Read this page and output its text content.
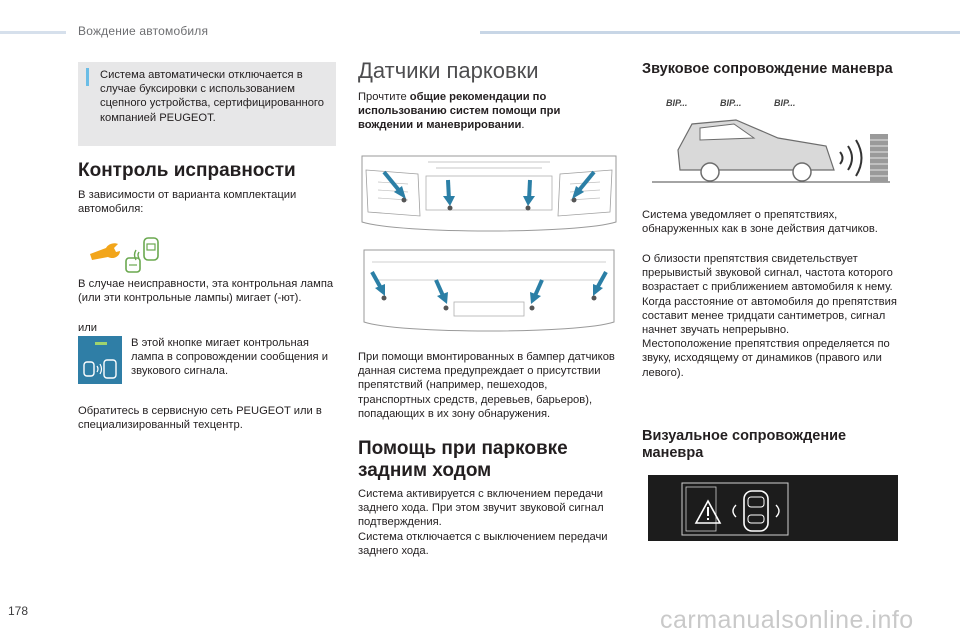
Вождение автомобиля
Система автоматически отключается в случае буксировки с использованием сцепного устройства, сертифицированного компанией PEUGEOT.
Контроль исправности
В зависимости от варианта комплектации автомобиля:
В случае неисправности, эта контрольная лампа (или эти контрольные лампы) мигает (-ют).
или
В этой кнопке мигает контрольная лампа в сопровождении сообщения и звукового сигнала.
Обратитесь в сервисную сеть PEUGEOT или в специализированный техцентр.
Датчики парковки
Прочтите общие рекомендации по использованию систем помощи при вождении и маневрировании.
При помощи вмонтированных в бампер датчиков данная система предупреждает о присутствии препятствий (например, пешеходов, транспортных средств, деревьев, барьеров), попадающих в их зону обнаружения.
Помощь при парковке задним ходом
Система активируется с включением передачи заднего хода. При этом звучит звуковой сигнал подтверждения.
Система отключается с выключением передачи заднего хода.
Звуковое сопровождение маневра
BIP...	BIP...	BIP...
Система уведомляет о препятствиях, обнаруженных как в зоне действия датчиков.
О близости препятствия свидетельствует прерывистый звуковой сигнал, частота которого возрастает с приближением автомобиля к нему. Когда расстояние от автомобиля до препятствия составит менее тридцати сантиметров, сигнал начнет звучать непрерывно.
Местоположение препятствия определяется по звуку, исходящему от динамиков (правого или левого).
Визуальное сопровождение маневра
178	carmanualsonline.info
